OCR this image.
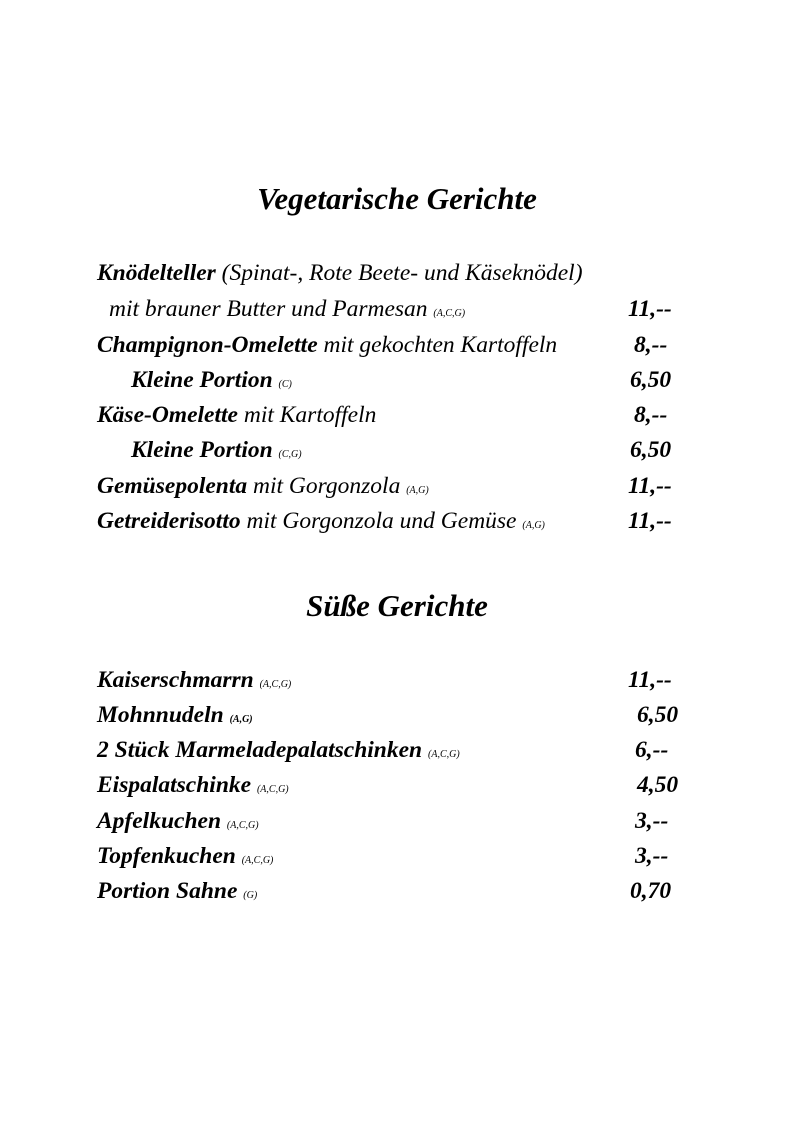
Vegetarische Gerichte
Knödelteller (Spinat-, Rote Beete- und Käseknödel)
mit brauner Butter und Parmesan (A,C,G)	11,--
Champignon-Omelette mit gekochten Kartoffeln	8,--
Kleine Portion (C)	6,50
Käse-Omelette mit Kartoffeln	8,--
Kleine Portion (C,G)	6,50
Gemüsepolenta mit Gorgonzola (A,G)	11,--
Getreiderisotto mit Gorgonzola und Gemüse (A,G)	11,--
Süße Gerichte
Kaiserschmarrn (A,C,G)	11,--
Mohnnudeln (A,G)	6,50
2 Stück Marmeladepalatschinken (A,C,G)	6,--
Eispalatschinke (A,C,G)	4,50
Apfelkuchen (A,C,G)	3,--
Topfenkuchen (A,C,G)	3,--
Portion Sahne (G)	0,70
